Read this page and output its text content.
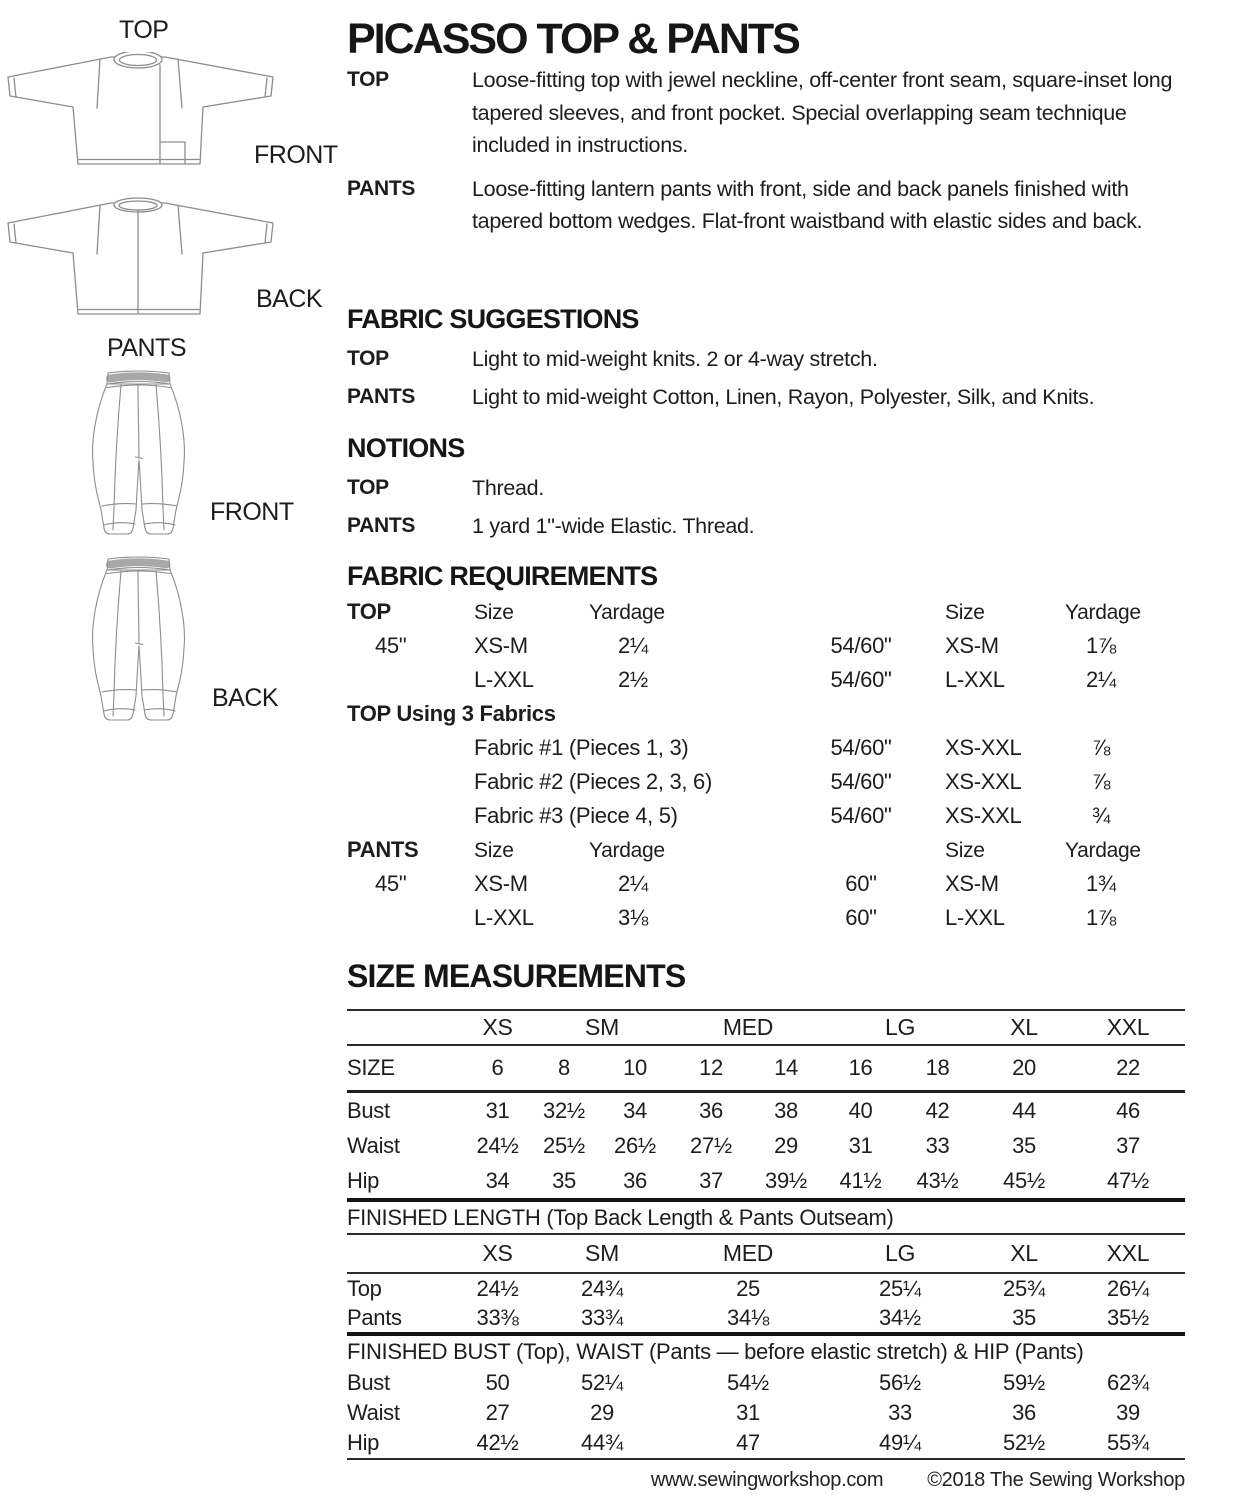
TOP
FRONT
BACK
PANTS
FRONT
BACK
PICASSO TOP & PANTS
TOP	Loose-fitting top with jewel neckline, off-center front seam, square-inset long tapered sleeves, and front pocket. Special overlapping seam technique included in instructions.
PANTS	Loose-fitting lantern pants with front, side and back panels finished with tapered bottom wedges. Flat-front waistband with elastic sides and back.
FABRIC SUGGESTIONS
TOP	Light to mid-weight knits. 2 or 4-way stretch.
PANTS	Light to mid-weight Cotton, Linen, Rayon, Polyester, Silk, and Knits.
NOTIONS
TOP	Thread.
PANTS	1 yard 1"-wide Elastic. Thread.
FABRIC REQUIREMENTS
TOP	Size	Yardage	Size	Yardage
45"	XS-M	2¼	54/60"	XS-M	1⅞
L-XXL	2½	54/60"	L-XXL	2¼
TOP Using 3 Fabrics
Fabric #1 (Pieces 1, 3)	54/60"	XS-XXL	⅞
Fabric #2 (Pieces 2, 3, 6)	54/60"	XS-XXL	⅞
Fabric #3 (Piece 4, 5)	54/60"	XS-XXL	¾
PANTS	Size	Yardage	Size	Yardage
45"	XS-M	2¼	60"	XS-M	1¾
L-XXL	3⅛	60"	L-XXL	1⅞
SIZE MEASUREMENTS
XS	SM	MED	LG	XL	XXL
SIZE	6	8	10	12	14	16	18	20	22
Bust	31	32½	34	36	38	40	42	44	46
Waist	24½	25½	26½	27½	29	31	33	35	37
Hip	34	35	36	37	39½	41½	43½	45½	47½
FINISHED LENGTH (Top Back Length & Pants Outseam)
XS	SM	MED	LG	XL	XXL
Top	24½	24¾	25	25¼	25¾	26¼
Pants	33⅜	33¾	34⅛	34½	35	35½
FINISHED BUST (Top), WAIST (Pants — before elastic stretch) & HIP (Pants)
Bust	50	52¼	54½	56½	59½	62¾
Waist	27	29	31	33	36	39
Hip	42½	44¾	47	49¼	52½	55¾
www.sewingworkshop.com ©2018 The Sewing Workshop
